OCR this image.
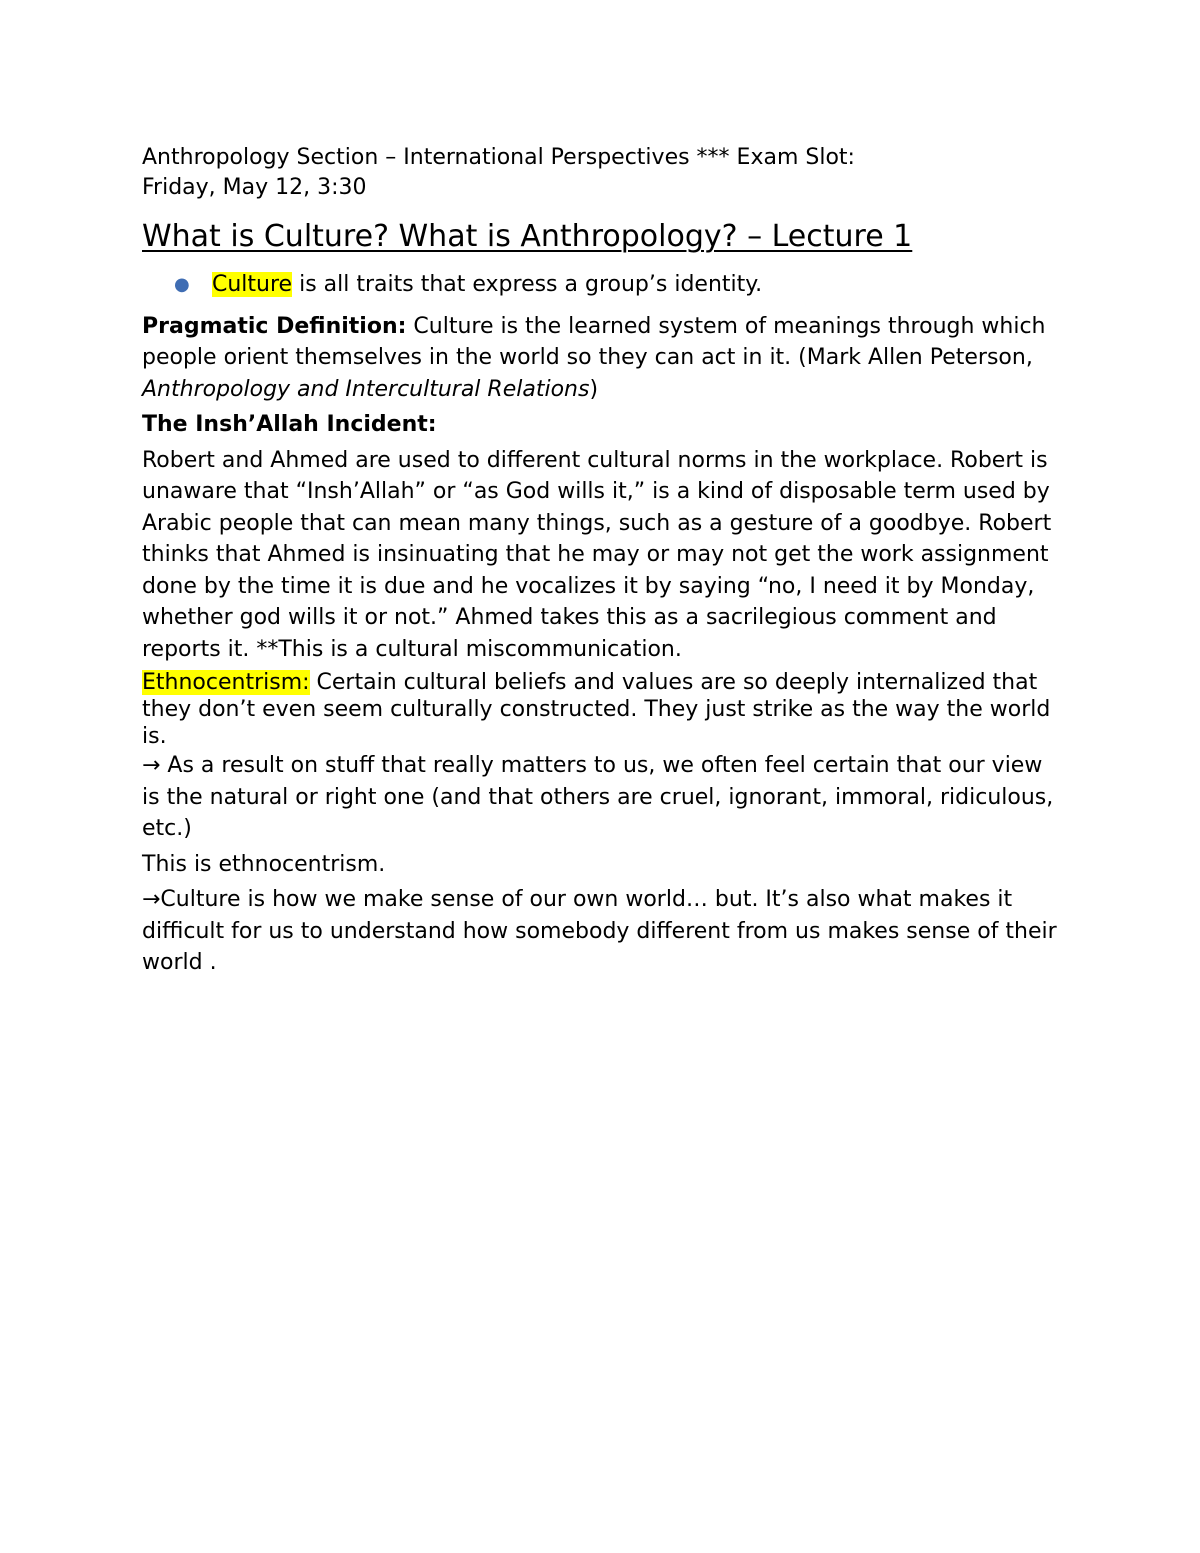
Anthropology Section – International Perspectives *** Exam Slot:

Friday, May 12, 3:30

What is Culture? What is Anthropology? – Lecture 1
● Culture is all traits that express a group’s identity.

Pragmatic Definition: Culture is the learned system of meanings through which people orient themselves in the world so they can act in it. (Mark Allen Peterson, Anthropology and Intercultural Relations)

The Insh’Allah Incident:

Robert and Ahmed are used to different cultural norms in the workplace. Robert is unaware that “Insh’Allah” or “as God wills it,” is a kind of disposable term used by Arabic people that can mean many things, such as a gesture of a goodbye. Robert thinks that Ahmed is insinuating that he may or may not get the work assignment done by the time it is due and he vocalizes it by saying “no, I need it by Monday, whether god wills it or not.” Ahmed takes this as a sacrilegious comment and reports it. **This is a cultural miscommunication.

Ethnocentrism: Certain cultural beliefs and values are so deeply internalized that they don’t even seem culturally constructed. They just strike as the way the world is.

→ As a result on stuff that really matters to us, we often feel certain that our view is the natural or right one (and that others are cruel, ignorant, immoral, ridiculous, etc.)

This is ethnocentrism.

→Culture is how we make sense of our own world… but. It’s also what makes it difficult for us to understand how somebody different from us makes sense of their world .
